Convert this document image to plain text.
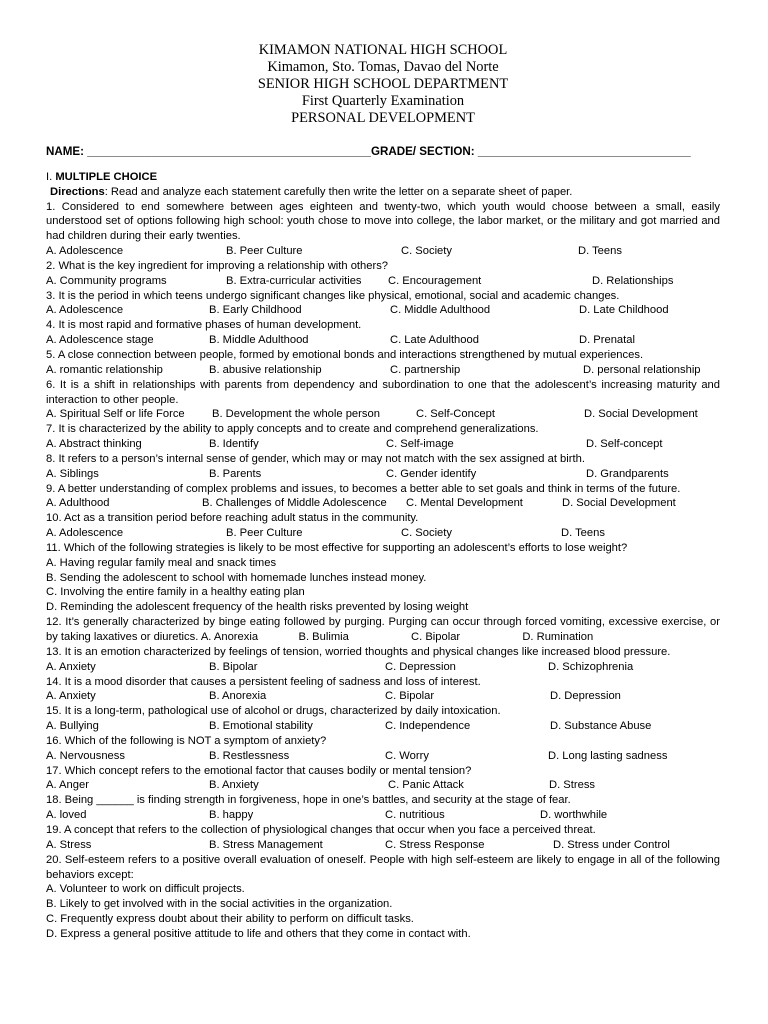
KIMAMON NATIONAL HIGH SCHOOL
Kimamon, Sto. Tomas, Davao del Norte
SENIOR HIGH SCHOOL DEPARTMENT
First Quarterly Examination
PERSONAL DEVELOPMENT
NAME: ____________________________________________GRADE/ SECTION: _________________________________
I. MULTIPLE CHOICE
Directions: Read and analyze each statement carefully then write the letter on a separate sheet of paper.
1. Considered to end somewhere between ages eighteen and twenty-two, which youth would choose between a small, easily understood set of options following high school: youth chose to move into college, the labor market, or the military and got married and had children during their early twenties.
A. Adolescence	B. Peer Culture	C. Society	D. Teens
2. What is the key ingredient for improving a relationship with others?
A. Community programs	B. Extra-curricular activities C. Encouragement	D. Relationships
3. It is the period in which teens undergo significant changes like physical, emotional, social and academic changes.
A. Adolescence	B. Early Childhood	C. Middle Adulthood	D. Late Childhood
4. It is most rapid and formative phases of human development.
A. Adolescence stage	B. Middle Adulthood	C. Late Adulthood	D. Prenatal
5. A close connection between people, formed by emotional bonds and interactions strengthened by mutual experiences.
A. romantic relationship	B. abusive relationship	C. partnership	D. personal relationship
6. It is a shift in relationships with parents from dependency and subordination to one that the adolescent’s increasing maturity and interaction to other people.
A. Spiritual Self or life Force B. Development the whole person	C. Self-Concept	D. Social Development
7. It is characterized by the ability to apply concepts and to create and comprehend generalizations.
A. Abstract thinking	B. Identify	C. Self-image	D. Self-concept
8. It refers to a person’s internal sense of gender, which may or may not match with the sex assigned at birth.
A. Siblings	B. Parents	C. Gender identify	D. Grandparents
9. A better understanding of complex problems and issues, to becomes a better able to set goals and think in terms of the future.
A. Adulthood	B. Challenges of Middle Adolescence C. Mental Development	D. Social Development
10. Act as a transition period before reaching adult status in the community.
A. Adolescence	B. Peer Culture	C. Society	D. Teens
11. Which of the following strategies is likely to be most effective for supporting an adolescent’s efforts to lose weight?
A. Having regular family meal and snack times
B. Sending the adolescent to school with homemade lunches instead money.
C. Involving the entire family in a healthy eating plan
D. Reminding the adolescent frequency of the health risks prevented by losing weight
12. It’s generally characterized by binge eating followed by purging. Purging can occur through forced vomiting, excessive exercise, or by taking laxatives or diuretics. A. Anorexia	B. Bulimia	C. Bipolar	D. Rumination
13. It is an emotion characterized by feelings of tension, worried thoughts and physical changes like increased blood pressure.
A. Anxiety	B. Bipolar	C. Depression	D. Schizophrenia
14. It is a mood disorder that causes a persistent feeling of sadness and loss of interest.
A. Anxiety	B. Anorexia	C. Bipolar	D. Depression
15. It is a long-term, pathological use of alcohol or drugs, characterized by daily intoxication.
A. Bullying	B. Emotional stability	C. Independence	D. Substance Abuse
16. Which of the following is NOT a symptom of anxiety?
A. Nervousness	B. Restlessness	C. Worry	D. Long lasting sadness
17. Which concept refers to the emotional factor that causes bodily or mental tension?
A. Anger	B. Anxiety	C. Panic Attack	D. Stress
18. Being ______ is finding strength in forgiveness, hope in one’s battles, and security at the stage of fear.
A. loved	B. happy	C. nutritious	D. worthwhile
19. A concept that refers to the collection of physiological changes that occur when you face a perceived threat.
A. Stress	B. Stress Management	C. Stress Response	D. Stress under Control
20. Self-esteem refers to a positive overall evaluation of oneself. People with high self-esteem are likely to engage in all of the following behaviors except:
A. Volunteer to work on difficult projects.
B. Likely to get involved with in the social activities in the organization.
C. Frequently express doubt about their ability to perform on difficult tasks.
D. Express a general positive attitude to life and others that they come in contact with.
